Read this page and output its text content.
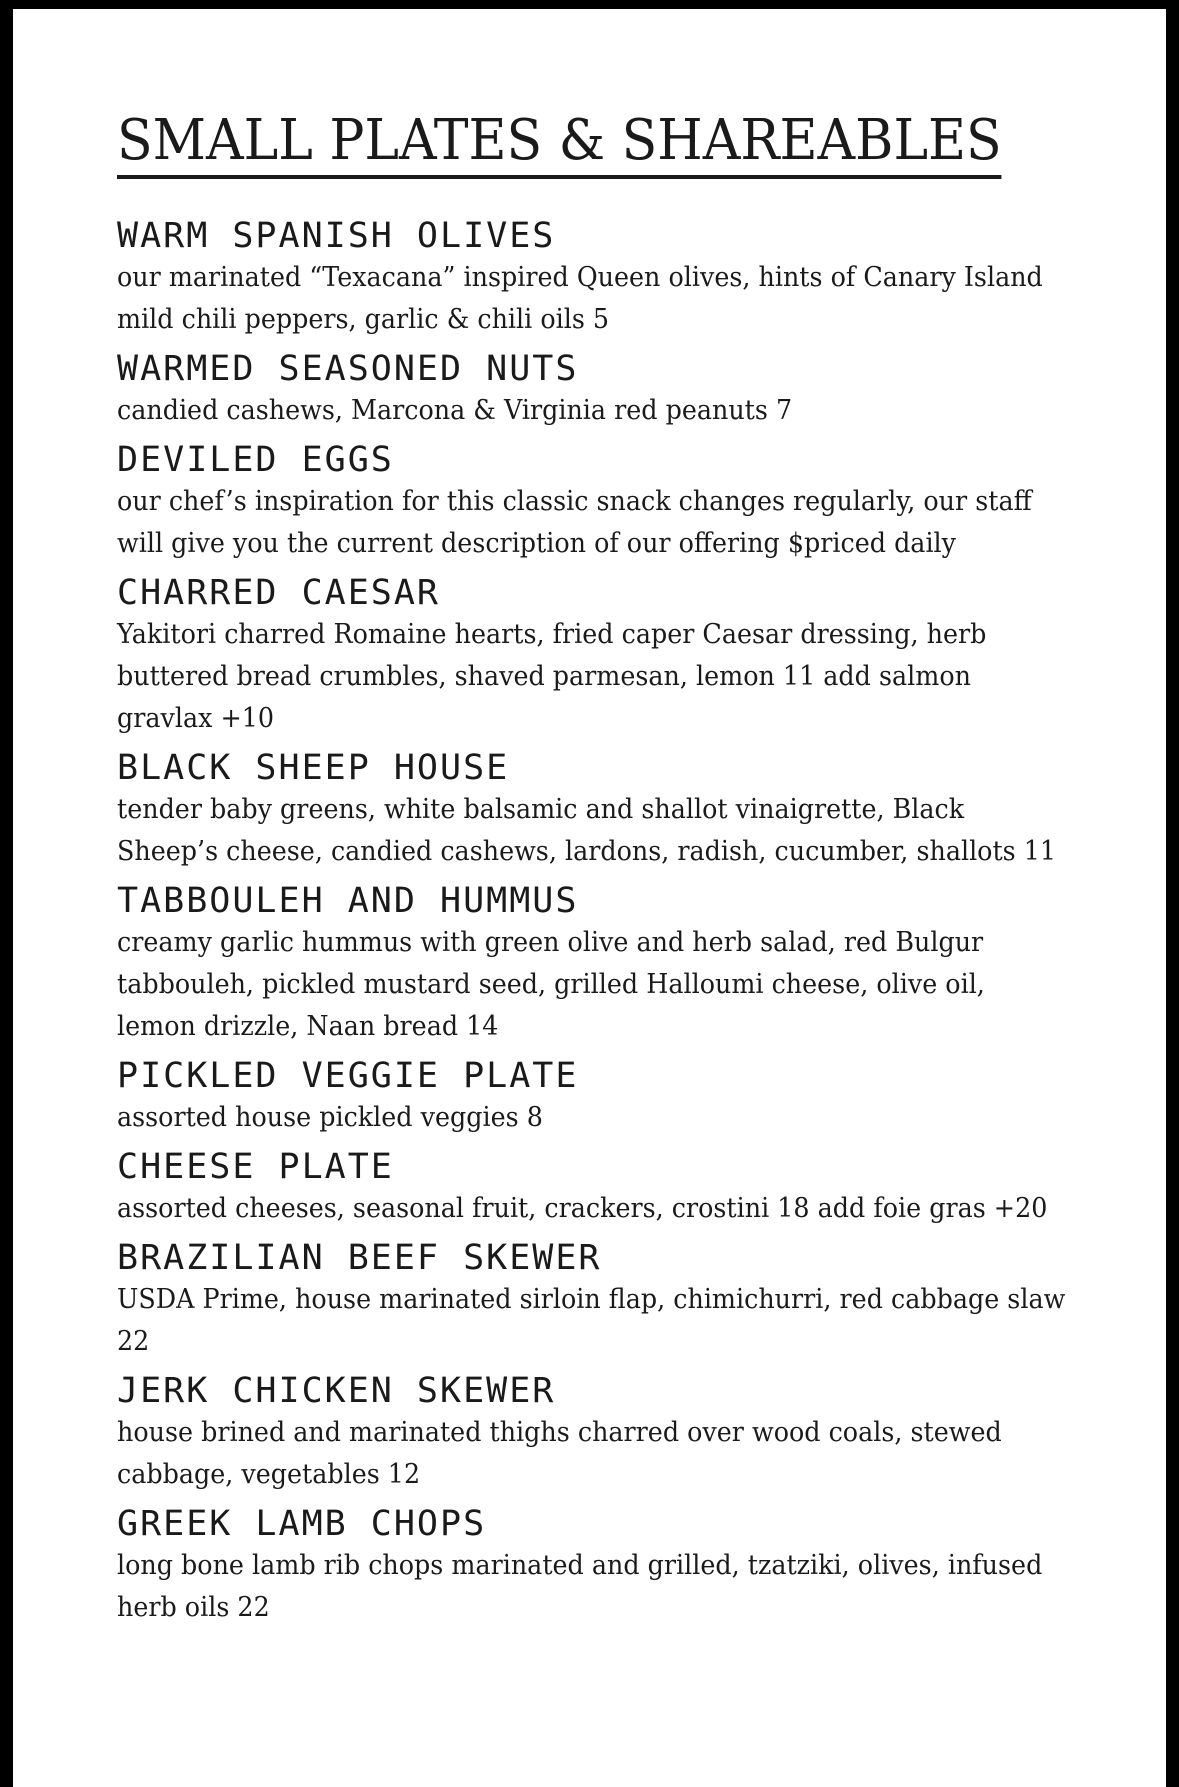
SMALL PLATES & SHAREABLES
WARM SPANISH OLIVES
our marinated “Texacana” inspired Queen olives, hints of Canary Island mild chili peppers, garlic & chili oils 5
WARMED SEASONED NUTS
candied cashews, Marcona & Virginia red peanuts 7
DEVILED EGGS
our chef’s inspiration for this classic snack changes regularly, our staff will give you the current description of our offering $priced daily
CHARRED CAESAR
Yakitori charred Romaine hearts, fried caper Caesar dressing, herb buttered bread crumbles, shaved parmesan, lemon 11 add salmon gravlax +10
BLACK SHEEP HOUSE
tender baby greens, white balsamic and shallot vinaigrette, Black Sheep’s cheese, candied cashews, lardons, radish, cucumber, shallots 11
TABBOULEH AND HUMMUS
creamy garlic hummus with green olive and herb salad, red Bulgur tabbouleh, pickled mustard seed, grilled Halloumi cheese, olive oil, lemon drizzle, Naan bread 14
PICKLED VEGGIE PLATE
assorted house pickled veggies 8
CHEESE PLATE
assorted cheeses, seasonal fruit, crackers, crostini 18 add foie gras +20
BRAZILIAN BEEF SKEWER
USDA Prime, house marinated sirloin flap, chimichurri, red cabbage slaw 22
JERK CHICKEN SKEWER
house brined and marinated thighs charred over wood coals, stewed cabbage, vegetables 12
GREEK LAMB CHOPS
long bone lamb rib chops marinated and grilled, tzatziki, olives, infused herb oils 22
